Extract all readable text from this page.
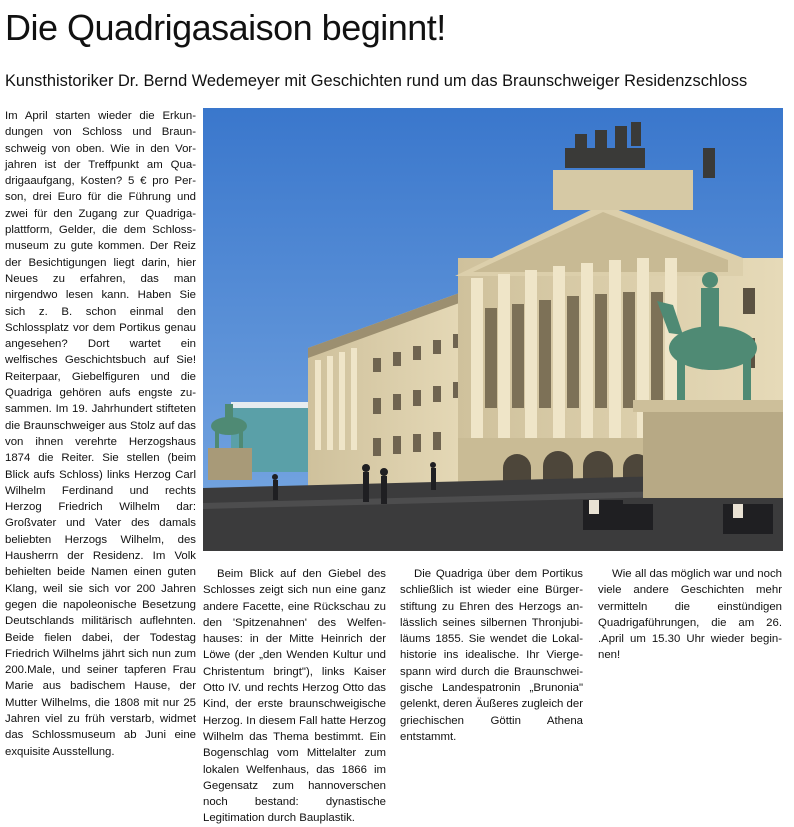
Die Quadrigasaison beginnt!
Kunsthistoriker Dr. Bernd Wedemeyer mit Geschichten rund um das Braunschweiger Residenzschloss

Im April starten wieder die Erkundungen von Schloss und Braunschweig von oben. Wie in den Vorjahren ist der Treffpunkt am Quadrigaaufgang, Kosten? 5 € pro Person, drei Euro für die Führung und zwei für den Zugang zur Quadrigaplattform, Gelder, die dem Schlossmuseum zu gute kommen. Der Reiz der Besichtigungen liegt darin, hier Neues zu erfahren, das man nirgendwo lesen kann. Haben Sie sich z. B. schon einmal den Schlossplatz vor dem Portikus genau angesehen? Dort wartet ein welfisches Geschichtsbuch auf Sie! Reiterpaar, Giebelfiguren und die Quadriga gehören aufs engste zusammen. Im 19. Jahrhundert stifteten die Braunschweiger aus Stolz auf das von ihnen verehrte Herzogshaus 1874 die Reiter. Sie stellen (beim Blick aufs Schloss) links Herzog Carl Wilhelm Ferdinand und rechts Herzog Friedrich Wilhelm dar: Großvater und Vater des damals beliebten Herzogs Wilhelm, des Hausherrn der Residenz. Im Volk behielten beide Namen einen guten Klang, weil sie sich vor 200 Jahren gegen die napoleonische Besetzung Deutschlands militärisch auflehnten. Beide fielen dabei, der Todestag Friedrich Wilhelms jährt sich nun zum 200.Male, und seiner tapferen Frau Marie aus badischem Hause, der Mutter Wilhelms, die 1808 mit nur 25 Jahren viel zu früh verstarb, widmet das Schlossmuseum ab Juni eine exquisite Ausstellung.

Beim Blick auf den Giebel des Schlosses zeigt sich nun eine ganz andere Facette, eine Rückschau zu den 'Spitzenahnen' des Welfenhauses: in der Mitte Heinrich der Löwe (der „den Wenden Kultur und Christentum bringt"), links Kaiser Otto IV. und rechts Herzog Otto das Kind, der erste braunschweigische Herzog. In diesem Fall hatte Herzog Wilhelm das Thema bestimmt. Ein Bogenschlag vom Mittelalter zum lokalen Welfenhaus, das 1866 im Gegensatz zum hannoverschen noch bestand: dynastische Legitimation durch Bauplastik.

Die Quadriga über dem Portikus schließlich ist wieder eine Bürgerstiftung zu Ehren des Herzogs anlässlich seines silbernen Thronjubiläums 1855. Sie wendet die Lokalhistorie ins idealische. Ihr Viergespann wird durch die Braunschweigische Landespatronin „Brunonia" gelenkt, deren Äußeres zugleich der griechischen Göttin Athena entstammt.

Wie all das möglich war und noch viele andere Geschichten mehr vermitteln die einstündigen Quadrigaführungen, die am 26. .April um 15.30 Uhr wieder beginnen!
